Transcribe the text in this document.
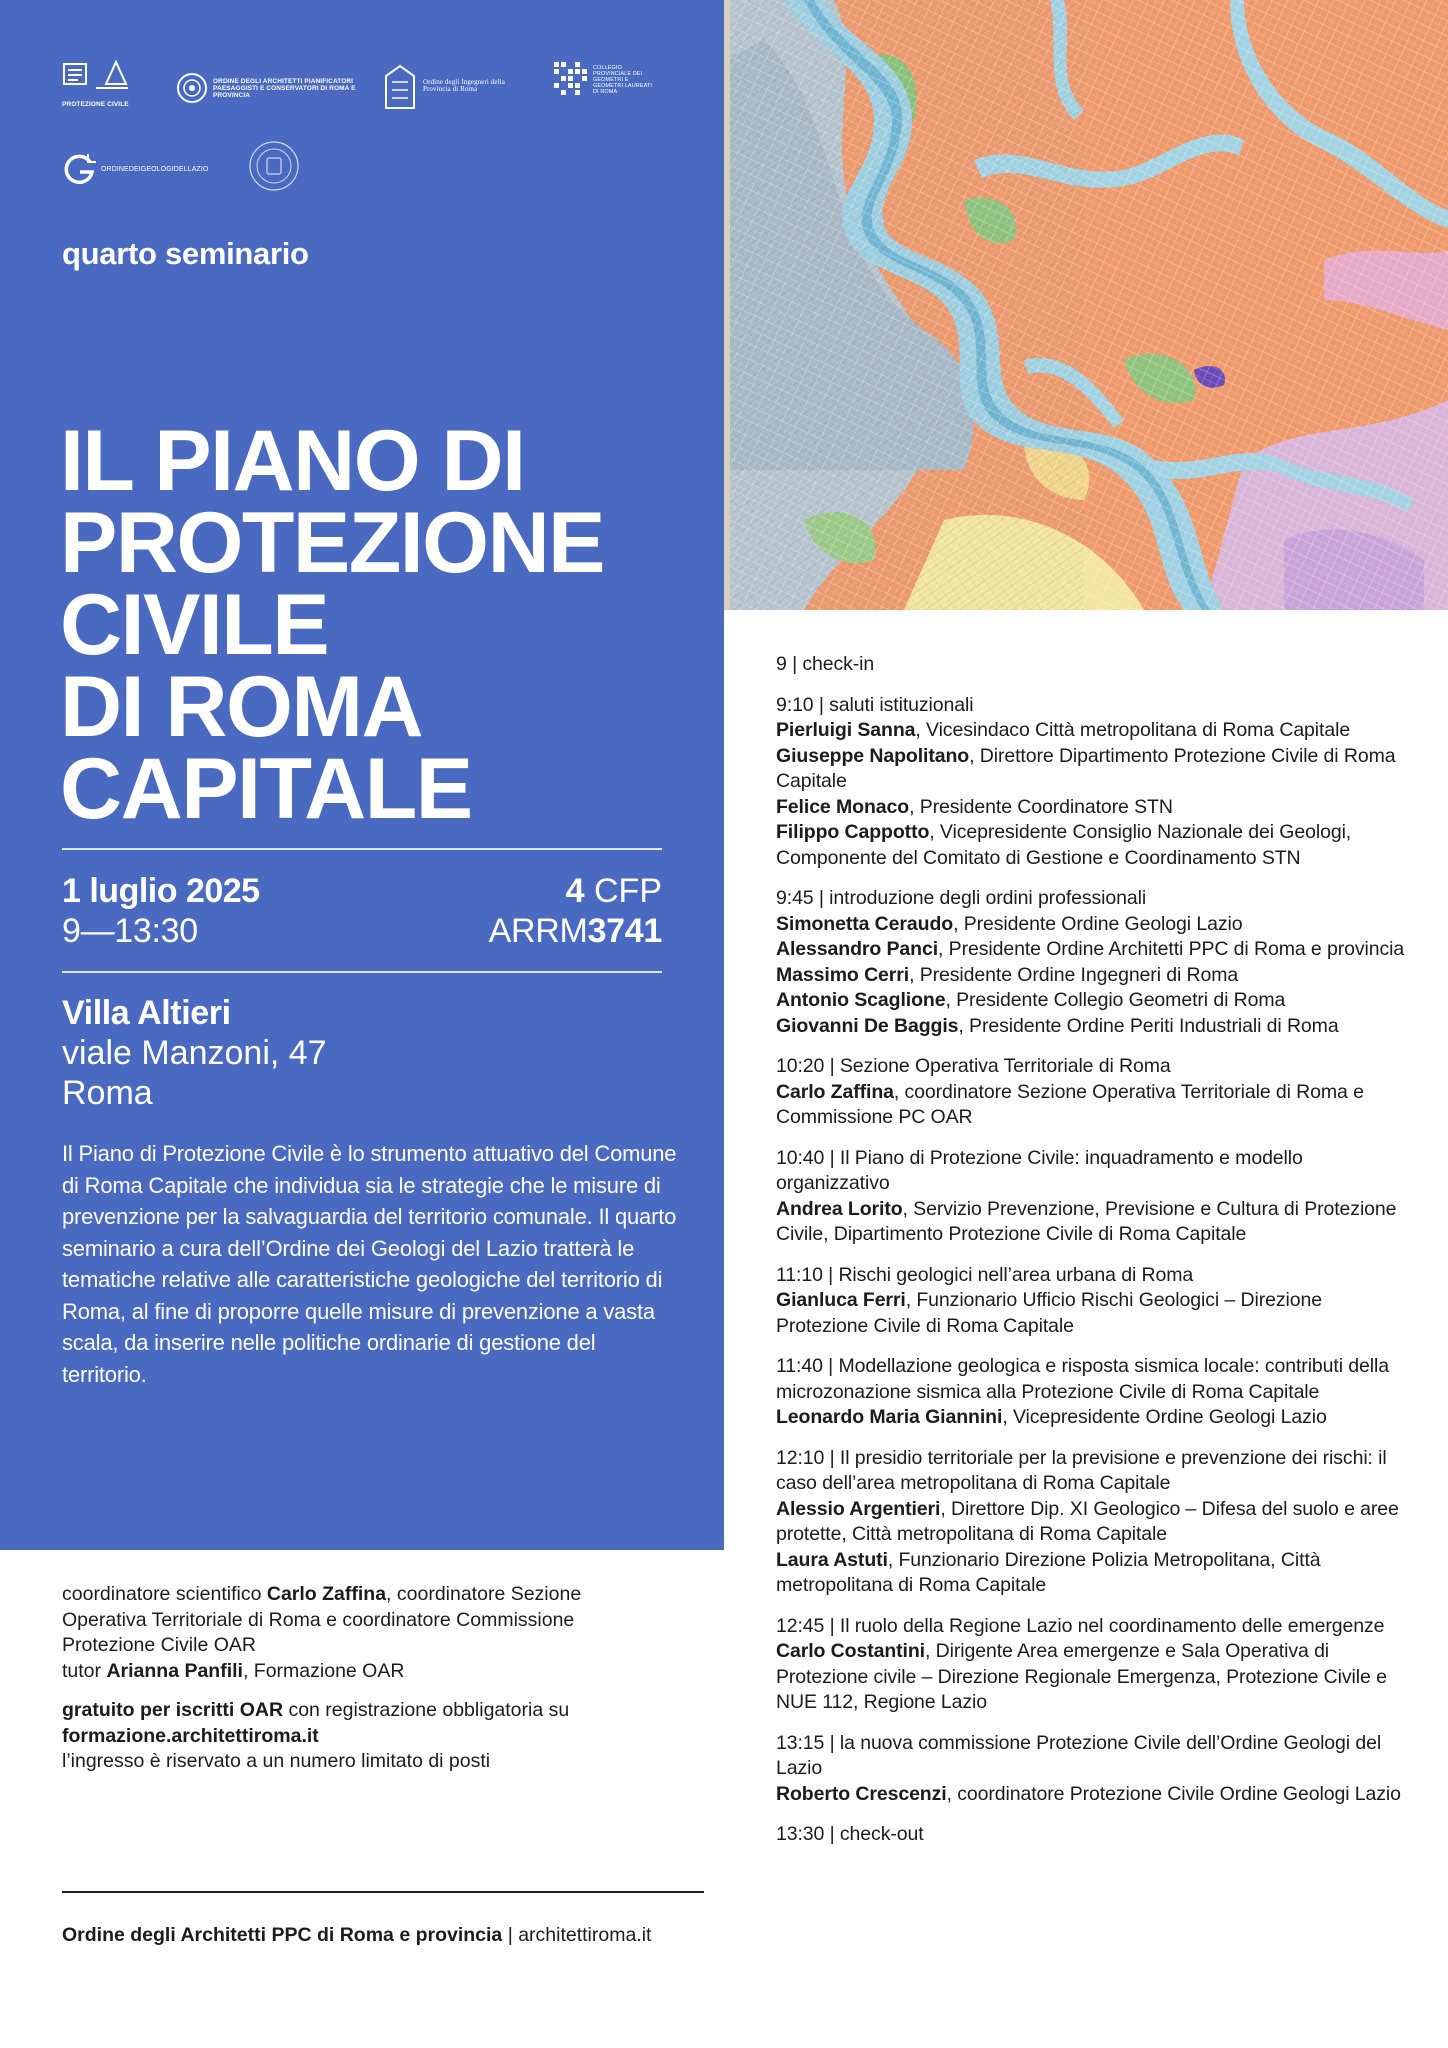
PROTEZIONE CIVILE
ORDINE DEGLI ARCHITETTI PIANIFICATORI PAESAGGISTI E CONSERVATORI DI ROMA E PROVINCIA
Ordine degli Ingegneri della Provincia di Roma
COLLEGIO PROVINCIALE DEI GEOMETRI E GEOMETRI LAUREATI DI ROMA
ORDINEDEIGEOLOGIDELLAZIO
quarto seminario
IL PIANO DI
PROTEZIONE
CIVILE
DI ROMA
CAPITALE
1 luglio 2025
9—13:30
4 CFP
ARRM3741
Villa Altieri
viale Manzoni, 47
Roma

Il Piano di Protezione Civile è lo strumento attuativo del Comune di Roma Capitale che individua sia le strategie che le misure di prevenzione per la salvaguardia del territorio comunale. Il quarto seminario a cura dell’Ordine dei Geologi del Lazio tratterà le tematiche relative alle caratteristiche geologiche del territorio di Roma, al fine di proporre quelle misure di prevenzione a vasta scala, da inserire nelle politiche ordinarie di gestione del territorio.

coordinatore scientifico Carlo Zaffina, coordinatore Sezione Operativa Territoriale di Roma e coordinatore Commissione Protezione Civile OAR
tutor Arianna Panfili, Formazione OAR
gratuito per iscritti OAR con registrazione obbligatoria su
formazione.architettiroma.it
l’ingresso è riservato a un numero limitato di posti
Ordine degli Architetti PPC di Roma e provincia | architettiroma.it
9 | check-in
9:10 | saluti istituzionali
Pierluigi Sanna, Vicesindaco Città metropolitana di Roma Capitale
Giuseppe Napolitano, Direttore Dipartimento Protezione Civile di Roma Capitale
Felice Monaco, Presidente Coordinatore STN
Filippo Cappotto, Vicepresidente Consiglio Nazionale dei Geologi, Componente del Comitato di Gestione e Coordinamento STN
9:45 | introduzione degli ordini professionali
Simonetta Ceraudo, Presidente Ordine Geologi Lazio
Alessandro Panci, Presidente Ordine Architetti PPC di Roma e provincia
Massimo Cerri, Presidente Ordine Ingegneri di Roma
Antonio Scaglione, Presidente Collegio Geometri di Roma
Giovanni De Baggis, Presidente Ordine Periti Industriali di Roma
10:20 | Sezione Operativa Territoriale di Roma
Carlo Zaffina, coordinatore Sezione Operativa Territoriale di Roma e Commissione PC OAR
10:40 | Il Piano di Protezione Civile: inquadramento e modello organizzativo
Andrea Lorito, Servizio Prevenzione, Previsione e Cultura di Protezione Civile, Dipartimento Protezione Civile di Roma Capitale
11:10 | Rischi geologici nell’area urbana di Roma
Gianluca Ferri, Funzionario Ufficio Rischi Geologici – Direzione Protezione Civile di Roma Capitale
11:40 | Modellazione geologica e risposta sismica locale: contributi della microzonazione sismica alla Protezione Civile di Roma Capitale
Leonardo Maria Giannini, Vicepresidente Ordine Geologi Lazio
12:10 | Il presidio territoriale per la previsione e prevenzione dei rischi: il caso dell’area metropolitana di Roma Capitale
Alessio Argentieri, Direttore Dip. XI Geologico – Difesa del suolo e aree protette, Città metropolitana di Roma Capitale
Laura Astuti, Funzionario Direzione Polizia Metropolitana, Città metropolitana di Roma Capitale
12:45 | Il ruolo della Regione Lazio nel coordinamento delle emergenze
Carlo Costantini, Dirigente Area emergenze e Sala Operativa di Protezione civile – Direzione Regionale Emergenza, Protezione Civile e NUE 112, Regione Lazio
13:15 | la nuova commissione Protezione Civile dell’Ordine Geologi del Lazio
Roberto Crescenzi, coordinatore Protezione Civile Ordine Geologi Lazio
13:30 | check-out
